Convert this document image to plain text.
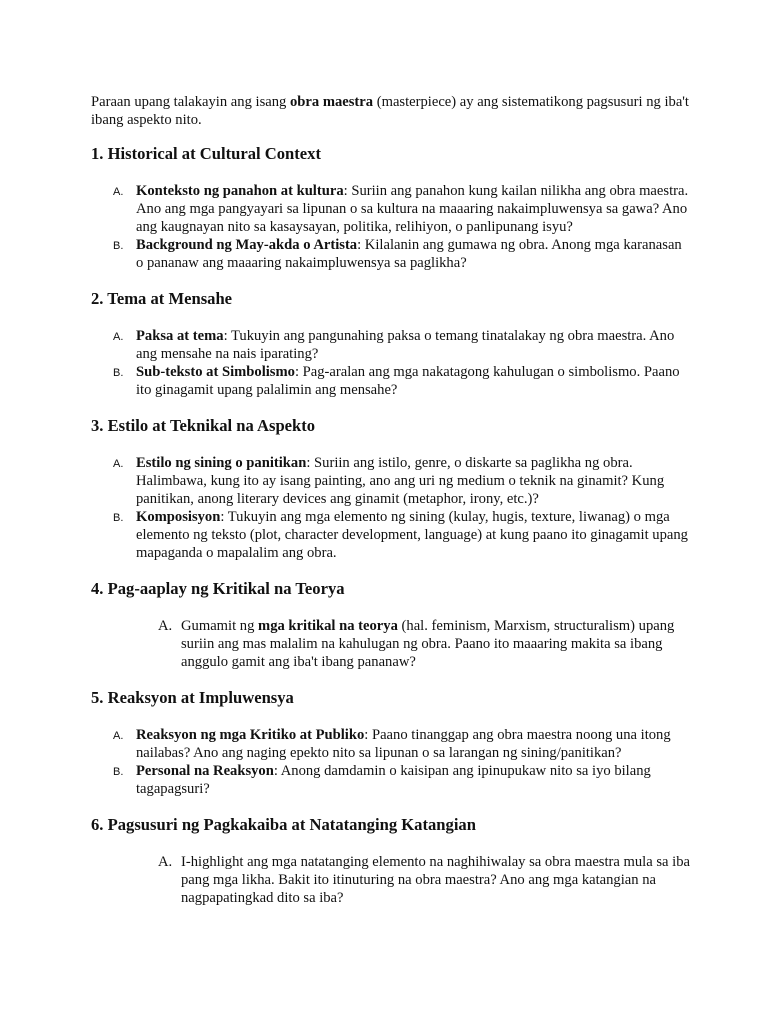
Paraan upang talakayin ang isang obra maestra (masterpiece) ay ang sistematikong pagsusuri ng iba't ibang aspekto nito.

1. Historical at Cultural Context
A. Konteksto ng panahon at kultura: Suriin ang panahon kung kailan nilikha ang obra maestra. Ano ang mga pangyayari sa lipunan o sa kultura na maaaring nakaimpluwensya sa gawa? Ano ang kaugnayan nito sa kasaysayan, politika, relihiyon, o panlipunang isyu?
B. Background ng May-akda o Artista: Kilalanin ang gumawa ng obra. Anong mga karanasan o pananaw ang maaaring nakaimpluwensya sa paglikha?
2. Tema at Mensahe
A. Paksa at tema: Tukuyin ang pangunahing paksa o temang tinatalakay ng obra maestra. Ano ang mensahe na nais iparating?
B. Sub-teksto at Simbolismo: Pag-aralan ang mga nakatagong kahulugan o simbolismo. Paano ito ginagamit upang palalimin ang mensahe?
3. Estilo at Teknikal na Aspekto
A. Estilo ng sining o panitikan: Suriin ang istilo, genre, o diskarte sa paglikha ng obra. Halimbawa, kung ito ay isang painting, ano ang uri ng medium o teknik na ginamit? Kung panitikan, anong literary devices ang ginamit (metaphor, irony, etc.)?
B. Komposisyon: Tukuyin ang mga elemento ng sining (kulay, hugis, texture, liwanag) o mga elemento ng teksto (plot, character development, language) at kung paano ito ginagamit upang mapaganda o mapalalim ang obra.
4. Pag-aaplay ng Kritikal na Teorya
A. Gumamit ng mga kritikal na teorya (hal. feminism, Marxism, structuralism) upang suriin ang mas malalim na kahulugan ng obra. Paano ito maaaring makita sa ibang anggulo gamit ang iba't ibang pananaw?
5. Reaksyon at Impluwensya
A. Reaksyon ng mga Kritiko at Publiko: Paano tinanggap ang obra maestra noong una itong nailabas? Ano ang naging epekto nito sa lipunan o sa larangan ng sining/panitikan?
B. Personal na Reaksyon: Anong damdamin o kaisipan ang ipinupukaw nito sa iyo bilang tagapagsuri?
6. Pagsusuri ng Pagkakaiba at Natatanging Katangian
A. I-highlight ang mga natatanging elemento na naghihiwalay sa obra maestra mula sa iba pang mga likha. Bakit ito itinuturing na obra maestra? Ano ang mga katangian na nagpapatingkad dito sa iba?
